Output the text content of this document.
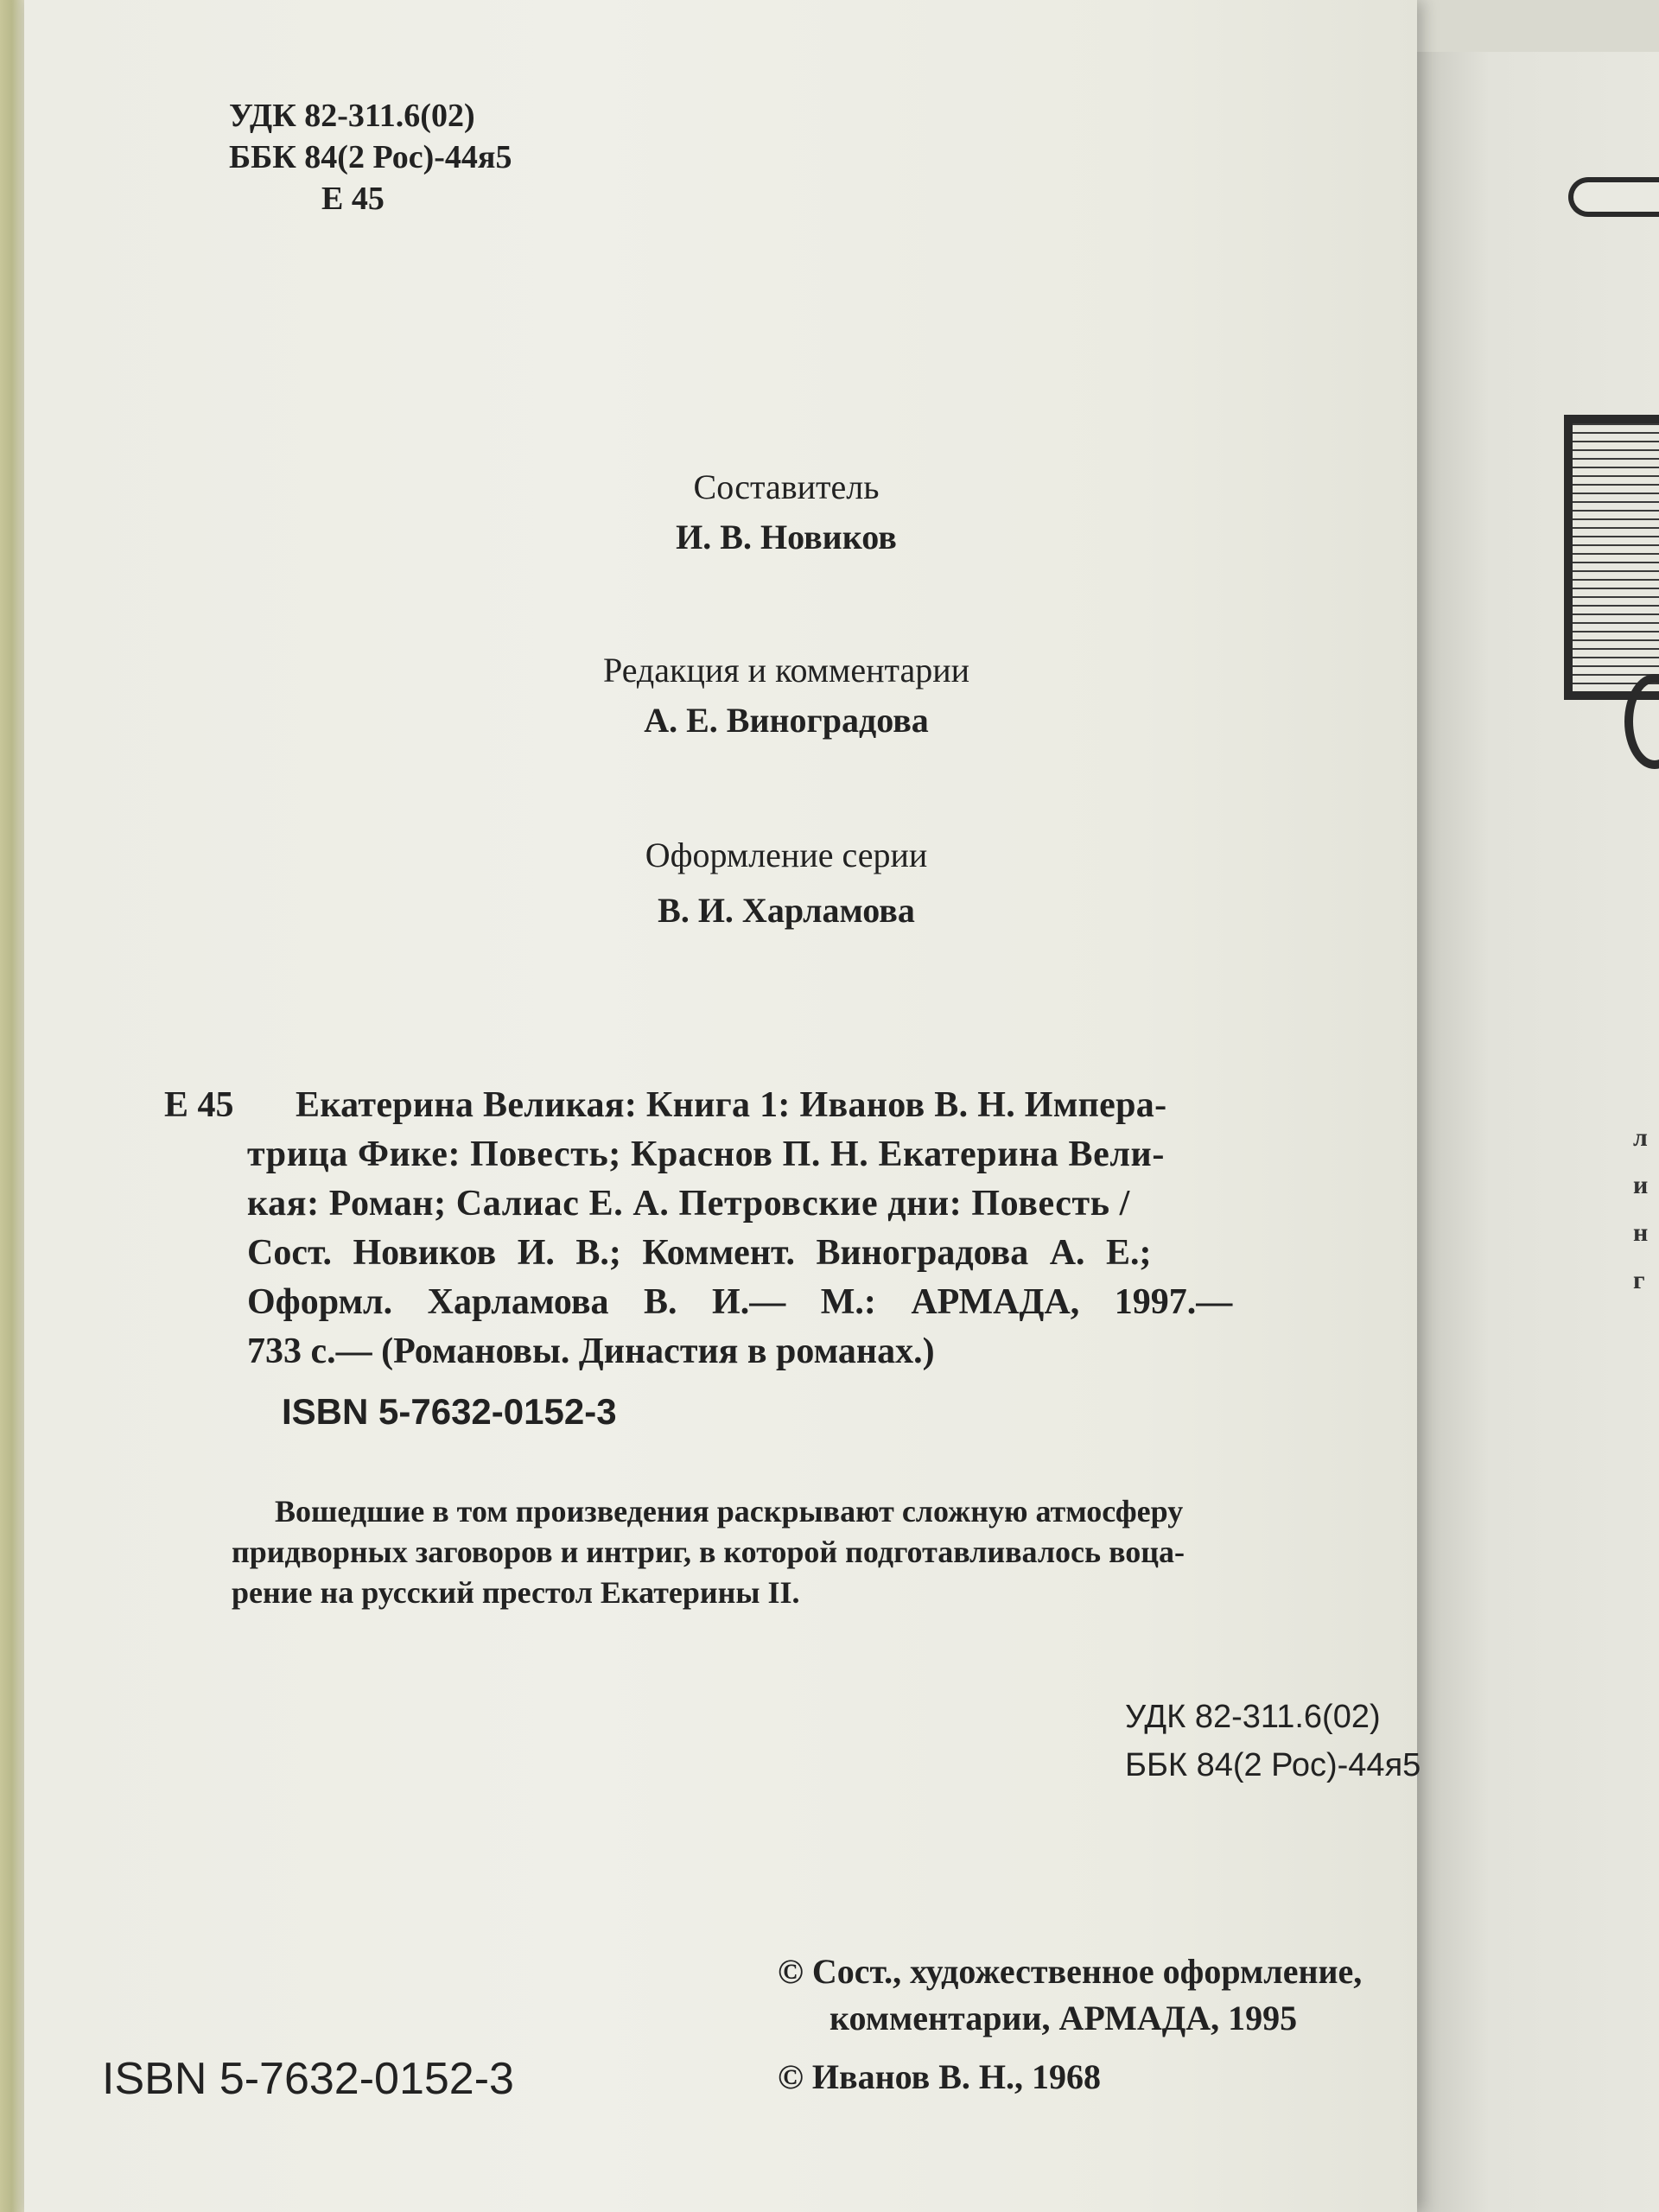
л
и
н
г
УДК 82-311.6(02)
ББК 84(2 Рос)-44я5
Е 45
Составитель
И. В. Новиков
Редакция и комментарии
А. Е. Виноградова
Оформление серии
В. И. Харламова
Е 45 Екатерина Великая: Книга 1: Иванов В. Н. Импера-
трица Фике: Повесть; Краснов П. Н. Екатерина Вели-
кая: Роман; Салиас Е. А. Петровские дни: Повесть /
Сост. Новиков И. В.; Коммент. Виноградова А. Е.;
Оформл. Харламова В. И.— М.: АРМАДА, 1997.—
733 с.— (Романовы. Династия в романах.)
ISBN 5-7632-0152-3
Вошедшие в том произведения раскрывают сложную атмосферу
придворных заговоров и интриг, в которой подготавливалось воца-
рение на русский престол Екатерины II.
УДК 82-311.6(02)
ББК 84(2 Рос)-44я5
© Сост., художественное оформление,
комментарии, АРМАДА, 1995
ISBN 5-7632-0152-3	© Иванов В. Н., 1968
